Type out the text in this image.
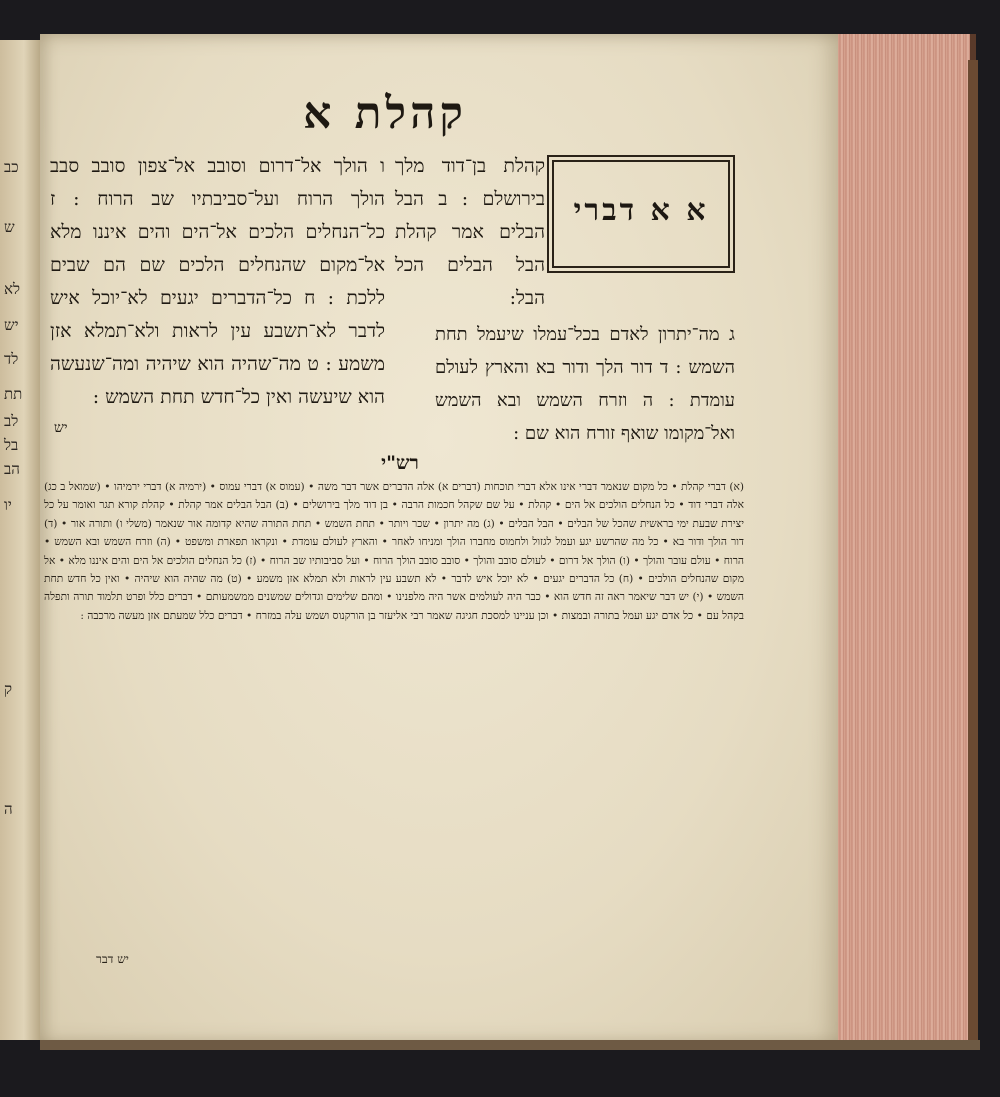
כב
ש
לא
יש
לד
תת
לב
בל
הב
יו
ק
ה
קהלת א
א א דברי
קהלת בן־דוד מלך בירושלם : ב הבל הבלים אמר קהלת הבל הבלים הכל הבל:
ו הולך אל־דרום וסובב אל־צפון סובב סבב הולך הרוח ועל־סביבתיו שב הרוח : ז כל־הנחלים הלכים אל־הים והים איננו מלא אל־מקום שהנחלים הלכים שם הם שבים ללכת : ח כל־הדברים יגעים לא־יוכל איש לדבר לא־תשבע עין לראות ולא־תמלא אזן משמע : ט מה־שהיה הוא שיהיה ומה־שנעשה הוא שיעשה ואין כל־חדש תחת השמש :
ג מה־יתרון לאדם בכל־עמלו שיעמל תחת השמש : ד דור הלך ודור בא והארץ לעולם עומדת : ה וזרח השמש ובא השמש ואל־מקומו שואף זורח הוא שם :
יש
רש"י
(א) דברי קהלת • כל מקום שנאמר דברי אינו אלא דברי תוכחות (דברים א) אלה הדברים אשר דבר משה • (עמוס א) דברי עמוס • (ירמיה א) דברי ירמיהו • (שמואל ב כג) אלה דברי דוד • כל הנחלים הולכים אל הים • קהלת • על שם שקהל חכמות הרבה • בן דוד מלך בירושלים • (ב) הבל הבלים אמר קהלת • קהלת קורא תגר ואומר על כל יצירת שבעת ימי בראשית שהכל של הבלים • הבל הבלים • (ג) מה יתרון • שכר ויותר • תחת השמש • תחת התורה שהיא קדומה אור שנאמר (משלי ו) ותורה אור • (ד) דור הולך ודור בא • כל מה שהרשע יגע ועמל לגזול ולחמוס מחברו הולך ומניחו לאחר • והארץ לעולם עומדת • ונקראו תפארת ומשפט • (ה) וזרח השמש ובא השמש • הרוח • עולם עובר והולך • (ו) הולך אל דרום • לעולם סובב והולך • סובב סובב הולך הרוח • ועל סביבותיו שב הרוח • (ז) כל הנחלים הולכים אל הים והים איננו מלא • אל מקום שהנחלים הולכים • (ח) כל הדברים יגעים • לא יוכל איש לדבר • לא תשבע עין לראות ולא תמלא אזן משמע • (ט) מה שהיה הוא שיהיה • ואין כל חדש תחת השמש • (י) יש דבר שיאמר ראה זה חדש הוא • כבר היה לעולמים אשר היה מלפנינו • ומהם שלימים וגדולים שמשנים ממשמעותם • דברים כלל ופרט תלמוד תורה ותפלה בקהל עם • כל אדם יגע ועמל בתורה ובמצות • וכן עניינו למסכת חגיגה שאמר רבי אליעזר בן הורקנוס ושמש עלה במזרח • דברים כלל שמעתם אזן מעשה מרכבה :
יש דבר
